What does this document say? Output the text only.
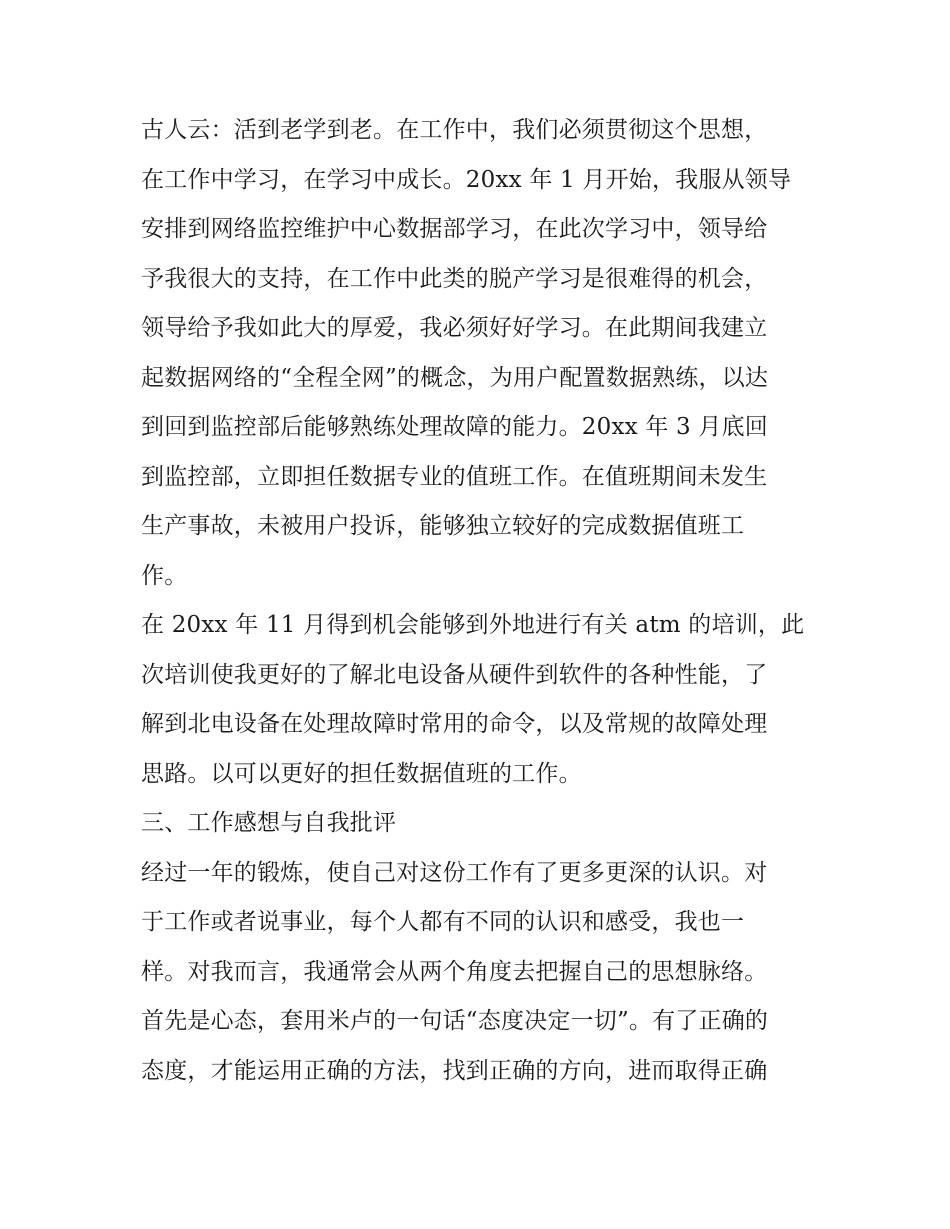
古人云：活到老学到老。在工作中，我们必须贯彻这个思想，
在工作中学习，在学习中成长。20xx 年 1 月开始，我服从领导
安排到网络监控维护中心数据部学习，在此次学习中，领导给
予我很大的支持，在工作中此类的脱产学习是很难得的机会，
领导给予我如此大的厚爱，我必须好好学习。在此期间我建立
起数据网络的“全程全网”的概念，为用户配置数据熟练，以达
到回到监控部后能够熟练处理故障的能力。20xx 年 3 月底回
到监控部，立即担任数据专业的值班工作。在值班期间未发生
生产事故，未被用户投诉，能够独立较好的完成数据值班工
作。
在 20xx 年 11 月得到机会能够到外地进行有关 atm 的培训，此
次培训使我更好的了解北电设备从硬件到软件的各种性能，了
解到北电设备在处理故障时常用的命令，以及常规的故障处理
思路。以可以更好的担任数据值班的工作。
三、工作感想与自我批评
经过一年的锻炼，使自己对这份工作有了更多更深的认识。对
于工作或者说事业，每个人都有不同的认识和感受，我也一
样。对我而言，我通常会从两个角度去把握自己的思想脉络。
首先是心态，套用米卢的一句话“态度决定一切”。有了正确的
态度，才能运用正确的方法，找到正确的方向，进而取得正确
